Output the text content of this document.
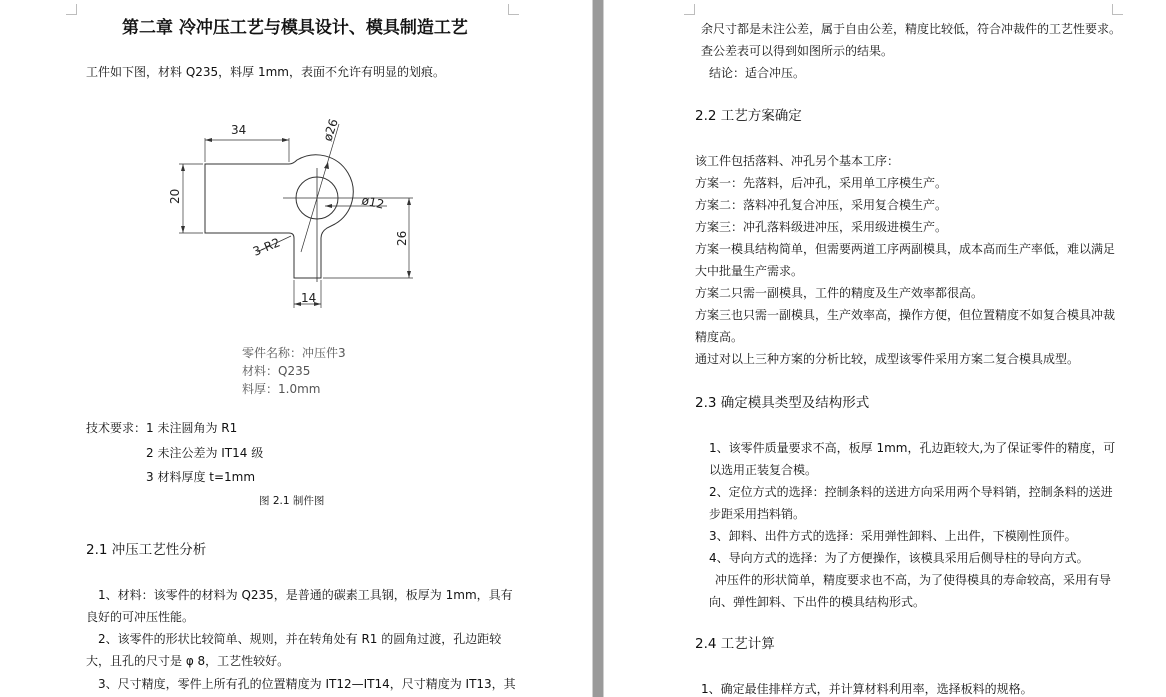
第二章 冷冲压工艺与模具设计、模具制造工艺
工件如下图，材料 Q235，料厚 1mm，表面不允许有明显的划痕。
34	ø26
20	ø12
3-R2	26
14
零件名称：冲压件3
材料：Q235
料厚：1.0mm
技术要求： 1 未注圆角为 R1
2 未注公差为 IT14 级
3 材料厚度 t=1mm
图 2.1 制件图
2.1 冲压工艺性分析
1、材料：该零件的材料为 Q235，是普通的碳素工具钢，板厚为 1mm，具有
良好的可冲压性能。
2、该零件的形状比较简单、规则，并在转角处有 R1 的圆角过渡，孔边距较
大，且孔的尺寸是 φ 8，工艺性较好。
3、尺寸精度，零件上所有孔的位置精度为 IT12—IT14，尺寸精度为 IT13，其
余尺寸都是未注公差，属于自由公差，精度比较低，符合冲裁件的工艺性要求。
查公差表可以得到如图所示的结果。
结论：适合冲压。
2.2 工艺方案确定
该工件包括落料、冲孔另个基本工序：
方案一：先落料，后冲孔，采用单工序模生产。
方案二：落料冲孔复合冲压，采用复合模生产。
方案三：冲孔落料级进冲压，采用级进模生产。
方案一模具结构简单，但需要两道工序两副模具，成本高而生产率低，难以满足
大中批量生产需求。
方案二只需一副模具，工件的精度及生产效率都很高。
方案三也只需一副模具，生产效率高，操作方便，但位置精度不如复合模具冲裁
精度高。
通过对以上三种方案的分析比较，成型该零件采用方案二复合模具成型。
2.3 确定模具类型及结构形式
1、该零件质量要求不高，板厚 1mm，孔边距较大,为了保证零件的精度，可
以选用正装复合模。
2、定位方式的选择：控制条料的送进方向采用两个导料销，控制条料的送进
步距采用挡料销。
3、卸料、出件方式的选择：采用弹性卸料、上出件，下模刚性顶件。
4、导向方式的选择：为了方便操作，该模具采用后侧导柱的导向方式。
冲压件的形状简单，精度要求也不高，为了使得模具的寿命较高，采用有导
向、弹性卸料、下出件的模具结构形式。
2.4 工艺计算
1、确定最佳排样方式，并计算材料利用率，选择板料的规格。
